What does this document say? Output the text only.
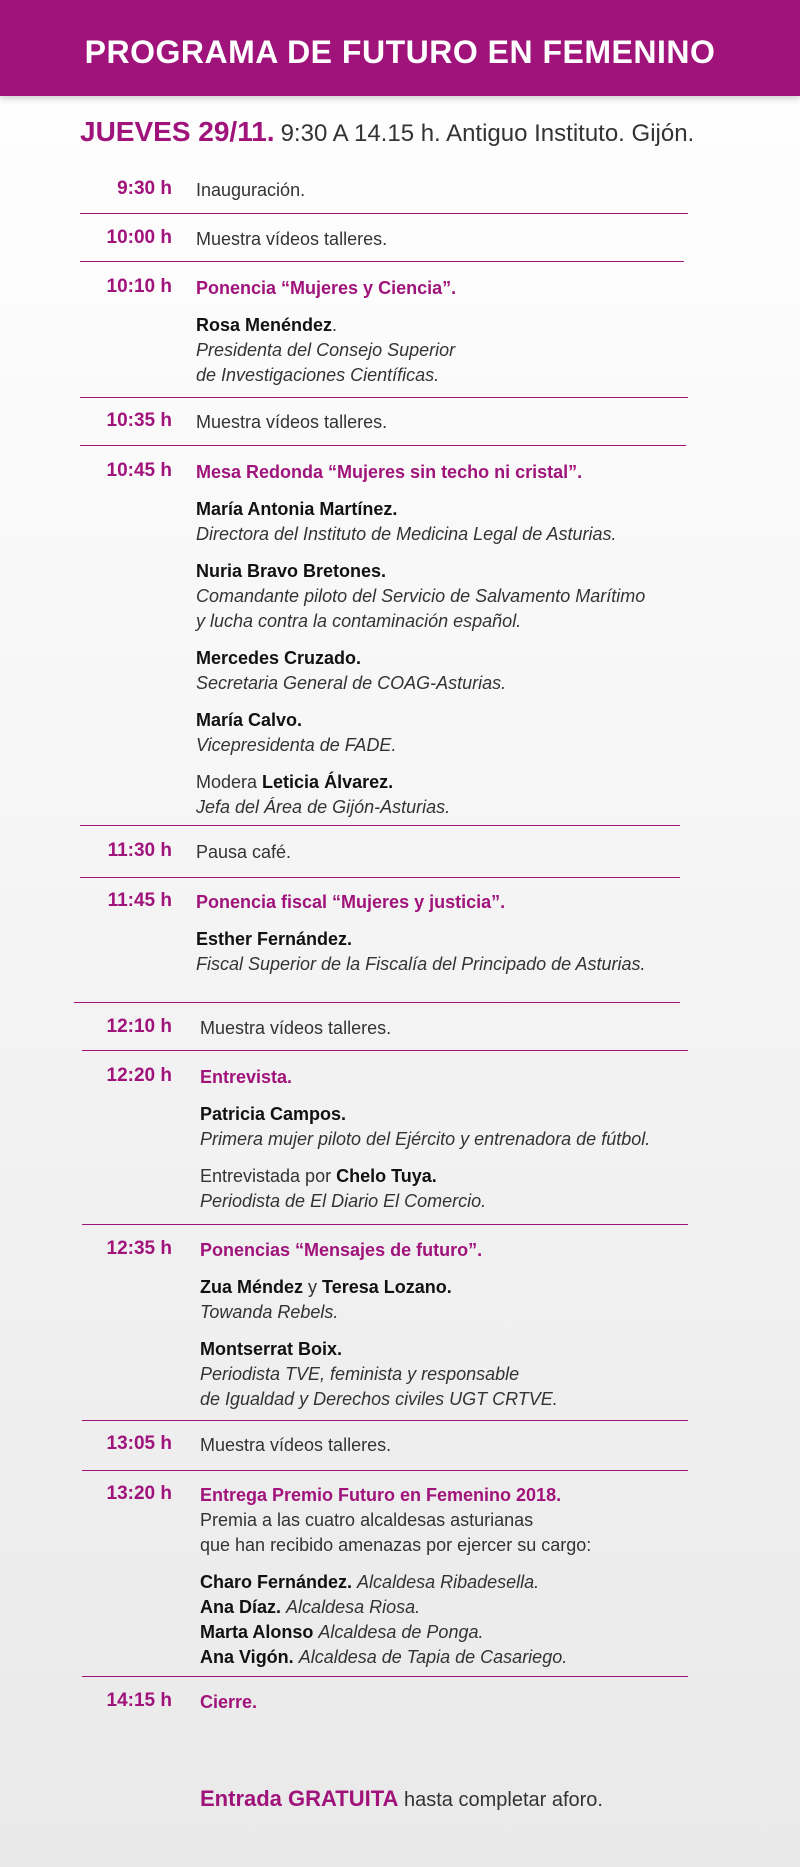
PROGRAMA DE FUTURO EN FEMENINO
JUEVES 29/11. 9:30 A 14.15 h. Antiguo Instituto. Gijón.
9:30 h Inauguración.
10:00 h Muestra vídeos talleres.
10:10 h Ponencia “Mujeres y Ciencia”.
Rosa Menéndez.
Presidenta del Consejo Superior
de Investigaciones Científicas.
10:35 h Muestra vídeos talleres.
10:45 h Mesa Redonda “Mujeres sin techo ni cristal”.
María Antonia Martínez.
Directora del Instituto de Medicina Legal de Asturias.
Nuria Bravo Bretones.
Comandante piloto del Servicio de Salvamento Marítimo
y lucha contra la contaminación español.
Mercedes Cruzado.
Secretaria General de COAG-Asturias.
María Calvo.
Vicepresidenta de FADE.
Modera Leticia Álvarez.
Jefa del Área de Gijón-Asturias.
11:30 h Pausa café.
11:45 h Ponencia fiscal “Mujeres y justicia”.
Esther Fernández.
Fiscal Superior de la Fiscalía del Principado de Asturias.
12:10 h Muestra vídeos talleres.
12:20 h Entrevista.
Patricia Campos.
Primera mujer piloto del Ejército y entrenadora de fútbol.
Entrevistada por Chelo Tuya.
Periodista de El Diario El Comercio.
12:35 h Ponencias “Mensajes de futuro”.
Zua Méndez y Teresa Lozano.
Towanda Rebels.
Montserrat Boix.
Periodista TVE, feminista y responsable
de Igualdad y Derechos civiles UGT CRTVE.
13:05 h Muestra vídeos talleres.
13:20 h Entrega Premio Futuro en Femenino 2018.
Premia a las cuatro alcaldesas asturianas
que han recibido amenazas por ejercer su cargo:
Charo Fernández. Alcaldesa Ribadesella.
Ana Díaz. Alcaldesa Riosa.
Marta Alonso Alcaldesa de Ponga.
Ana Vigón. Alcaldesa de Tapia de Casariego.
14:15 h Cierre.
Entrada GRATUITA hasta completar aforo.
